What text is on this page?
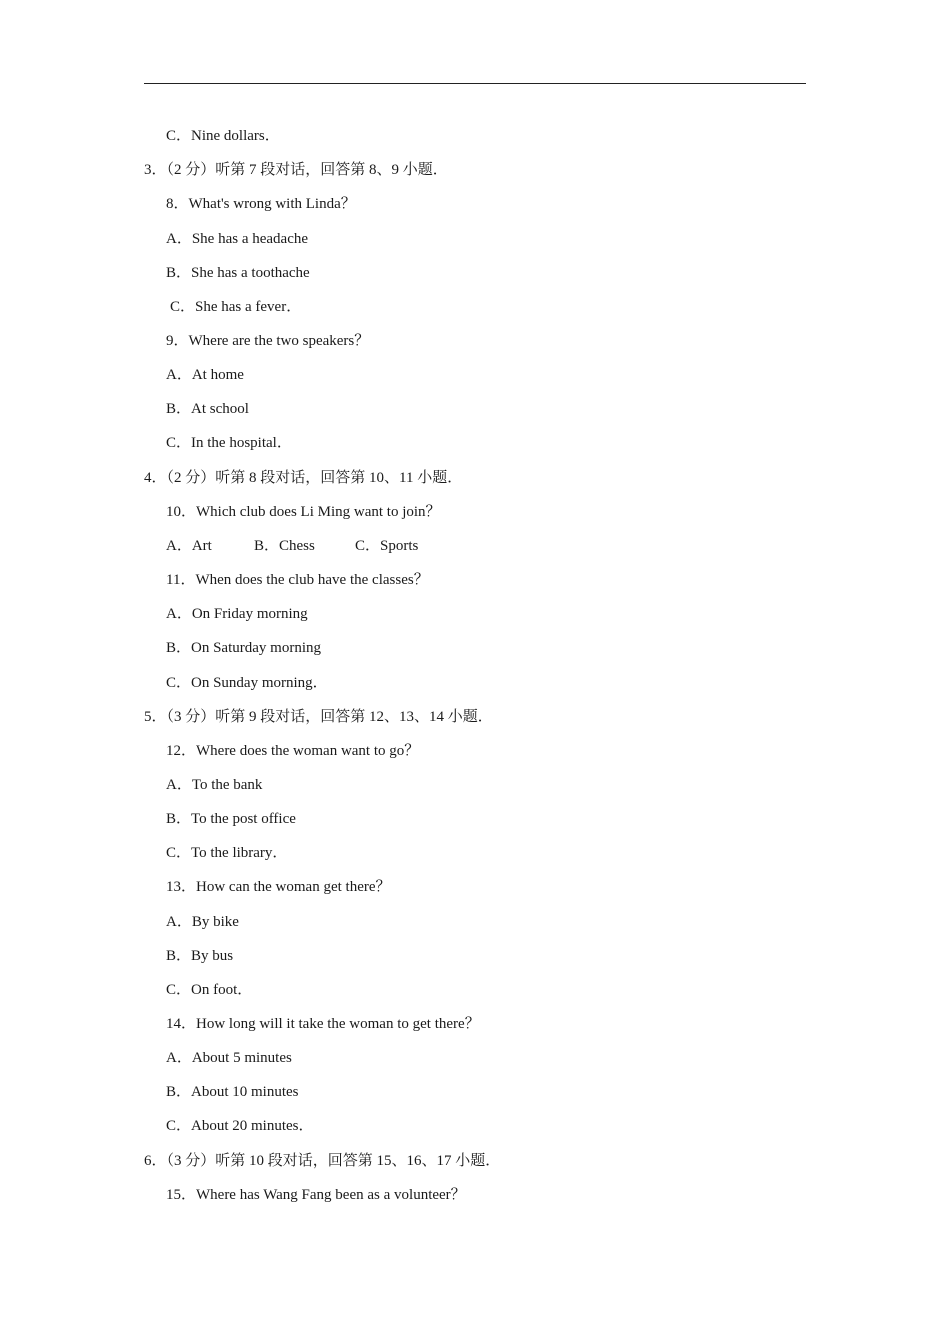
C．Nine dollars．
3．（2 分）听第 7 段对话，回答第 8、9 小题．
8．What's wrong with Linda？
A．She has a headache
B．She has a toothache
C．She has a fever．
9．Where are the two speakers？
A．At home
B．At school
C．In the hospital．
4．（2 分）听第 8 段对话，回答第 10、11 小题．
10．Which club does Li Ming want to join？
A．Art	B．Chess	C．Sports
11．When does the club have the classes？
A．On Friday morning
B．On Saturday morning
C．On Sunday morning．
5．（3 分）听第 9 段对话，回答第 12、13、14 小题．
12．Where does the woman want to go？
A．To the bank
B．To the post office
C．To the library．
13．How can the woman get there？
A．By bike
B．By bus
C．On foot．
14．How long will it take the woman to get there？
A．About 5 minutes
B．About 10 minutes
C．About 20 minutes．
6．（3 分）听第 10 段对话，回答第 15、16、17 小题．
15．Where has Wang Fang been as a volunteer？
